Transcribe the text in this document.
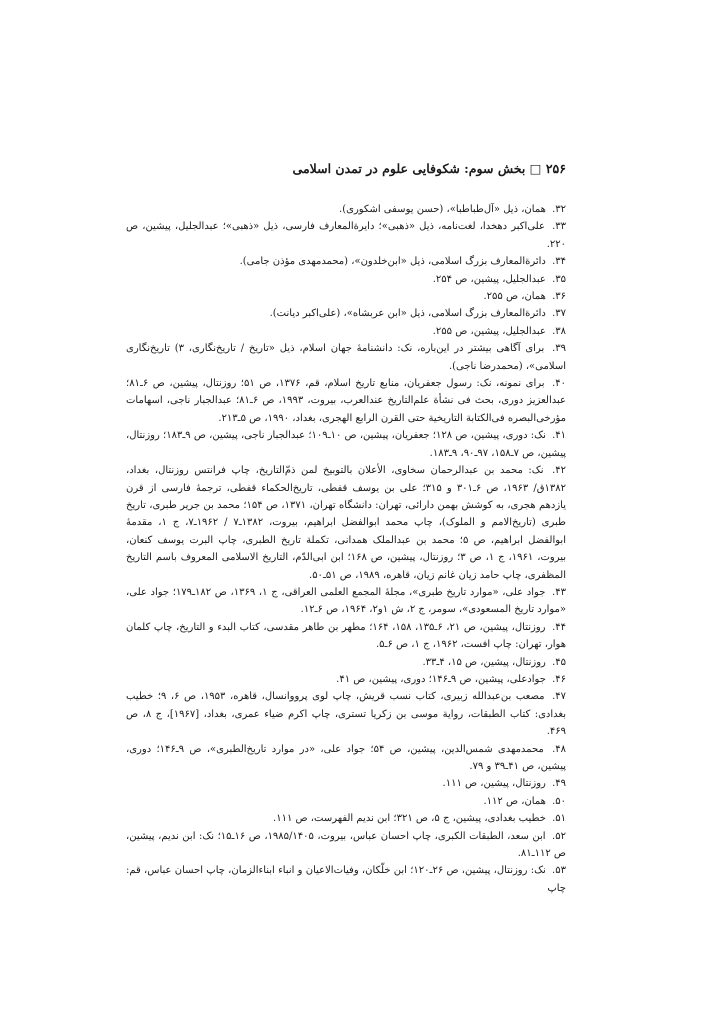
۲۵۶ □ بخش سوم: شکوفایی علوم در تمدن اسلامی

۳۲ . همان، ذیل «آل‌طباطبا»، (حسن یوسفی اشکوری).

۳۳ . علی‌اکبر دهخدا، لغت‌نامه، ذیل «ذهبی»؛ دایرةالمعارف فارسی، ذیل «ذهبی»؛ عبدالجلیل، پیشین، ص ۲۲۰.

۳۴ . دائرةالمعارف بزرگ اسلامی، ذیل «ابن‌خلدون»، (محمدمهدی مؤذن جامی).

۳۵ . عبدالجلیل، پیشین، ص ۲۵۴.

۳۶ . همان، ص ۲۵۵.

۳۷ . دائرةالمعارف بزرگ اسلامی، ذیل «ابن عربشاه»، (علی‌اکبر دیانت).

۳۸ . عبدالجلیل، پیشین، ص ۲۵۵.

۳۹ . برای آگاهی بیشتر در این‌باره، نک: دانشنامهٔ جهان اسلام، ذیل «تاریخ / تاریخ‌نگاری، ۳) تاریخ‌نگاری اسلامی»، (محمدرضا ناجی).

۴۰ . برای نمونه، نک: رسول جعفریان، منابع تاریخ اسلام، قم، ۱۳۷۶، ص ۵۱؛ روزنتال، پیشین، ص ۶ـ۸۱؛ عبدالعزیز دوری، بحث فی نشأة علم‌التاریخ عندالعرب، بیروت، ۱۹۹۳، ص ۶ـ۸۱؛ عبدالجبار ناجی، اسهامات مؤرخی‌البصره فی‌الکتابة التاریخیة حتی القرن الرابع الهجری، بغداد، ۱۹۹۰، ص ۵ـ۲۱۳.

۴۱ . نک: دوری، پیشین، ص ۱۲۸؛ جعفریان، پیشین، ص ۱۰ـ۱۰۹؛ عبدالجبار ناجی، پیشین، ص ۹ـ۱۸۳؛ روزنتال، پیشین، ص ۷ـ۱۵۸، ۹۷ـ۹۰، ۹ـ۱۸۳.

۴۲ . نک: محمد بن عبدالرحمان سخاوی، الأعلان بالتوبیخ لمن ذمّ‌التاریخ، چاپ فرانتس روزنتال، بغداد، ۱۳۸۲ق/ ۱۹۶۳، ص ۶ـ۳۰۱ و ۳۱۵؛ علی بن یوسف قفطی، تاریخ‌الحکماء قفطی، ترجمهٔ فارسی از قرن یازدهم هجری، به کوشش بهمن دارائی، تهران: دانشگاه تهران، ۱۳۷۱، ص ۱۵۴؛ محمد بن جریر طبری، تاریخ طبری (تاریخ‌الامم و الملوک)، چاپ محمد ابوالفضل ابراهیم، بیروت، ۱۳۸۲ـ۷ / ۱۹۶۲ـ۷، ج ۱، مقدمهٔ ابوالفضل ابراهیم، ص ۵؛ محمد بن عبدالملک همدانی، تکملة تاریخ الطبری، چاپ البرت یوسف کنعان، بیروت، ۱۹۶۱، ج ۱، ص ۳؛ روزنتال، پیشین، ص ۱۶۸؛ ابن ابی‌الدّم، التاریخ الاسلامی المعروف باسم التاریخ المظفری، چاپ حامد زیان غانم زیان، قاهره، ۱۹۸۹، ص ۵۱ـ۵۰.

۴۳ . جواد علی، «موارد تاریخ طبری»، مجلهٔ المجمع العلمی العراقی، ج ۱، ۱۳۶۹، ص ۱۸۲ـ۱۷۹؛ جواد علی، «موارد تاریخ المسعودی»، سومر، ج ۲، ش ۱و۲، ۱۹۶۴، ص ۶ـ۱۲.

۴۴ . روزنتال، پیشین، ص ۲۱، ۶ـ۱۳۵، ۱۵۸، ۱۶۴؛ مطهر بن طاهر مقدسی، کتاب البدء و التاریخ، چاپ کلمان هوار، تهران: چاپ افست، ۱۹۶۲، ج ۱، ص ۶ـ۵.

۴۵ . روزنتال، پیشین، ص ۱۵، ۴ـ۳۳.

۴۶ . جوادعلی، پیشین، ص ۹ـ۱۴۶؛ دوری، پیشین، ص ۴۱.

۴۷ . مصعب بن‌عبدالله زبیری، کتاب نسب قریش، چاپ لوی پرووانسال، قاهره، ۱۹۵۳، ص ۶، ۹؛ خطیب بغدادی: کتاب الطبقات، روایة موسی بن زکریا تستری، چاپ اکرم ضیاء عمری، بغداد، [۱۹۶۷]، ج ۸، ص ۴۶۹.

۴۸ . محمدمهدی شمس‌الدین، پیشین، ص ۵۴؛ جواد علی، «در موارد تاریخ‌الطبری»، ص ۹ـ۱۴۶؛ دوری، پیشین، ص ۴۱ـ۳۹ و ۷۹.

۴۹ . روزنتال، پیشین، ص ۱۱۱.

۵۰ . همان، ص ۱۱۲.

۵۱ . خطیب بغدادی، پیشین، ج ۵، ص ۳۲۱؛ ابن ندیم الفهرست، ص ۱۱۱.

۵۲ . ابن سعد، الطبقات الکبری، چاپ احسان عباس، بیروت، ۱۹۸۵/۱۴۰۵، ص ۱۶ـ۱۵؛ نک: ابن ندیم، پیشین، ص ۱۱۲ـ۸۱.

۵۳ . نک: روزنتال، پیشین، ص ۲۶ـ۱۲۰؛ ابن خلّکان، وفیات‌الاعیان و انباء ابناء‌الزمان، چاپ احسان عباس، قم: چاپ
